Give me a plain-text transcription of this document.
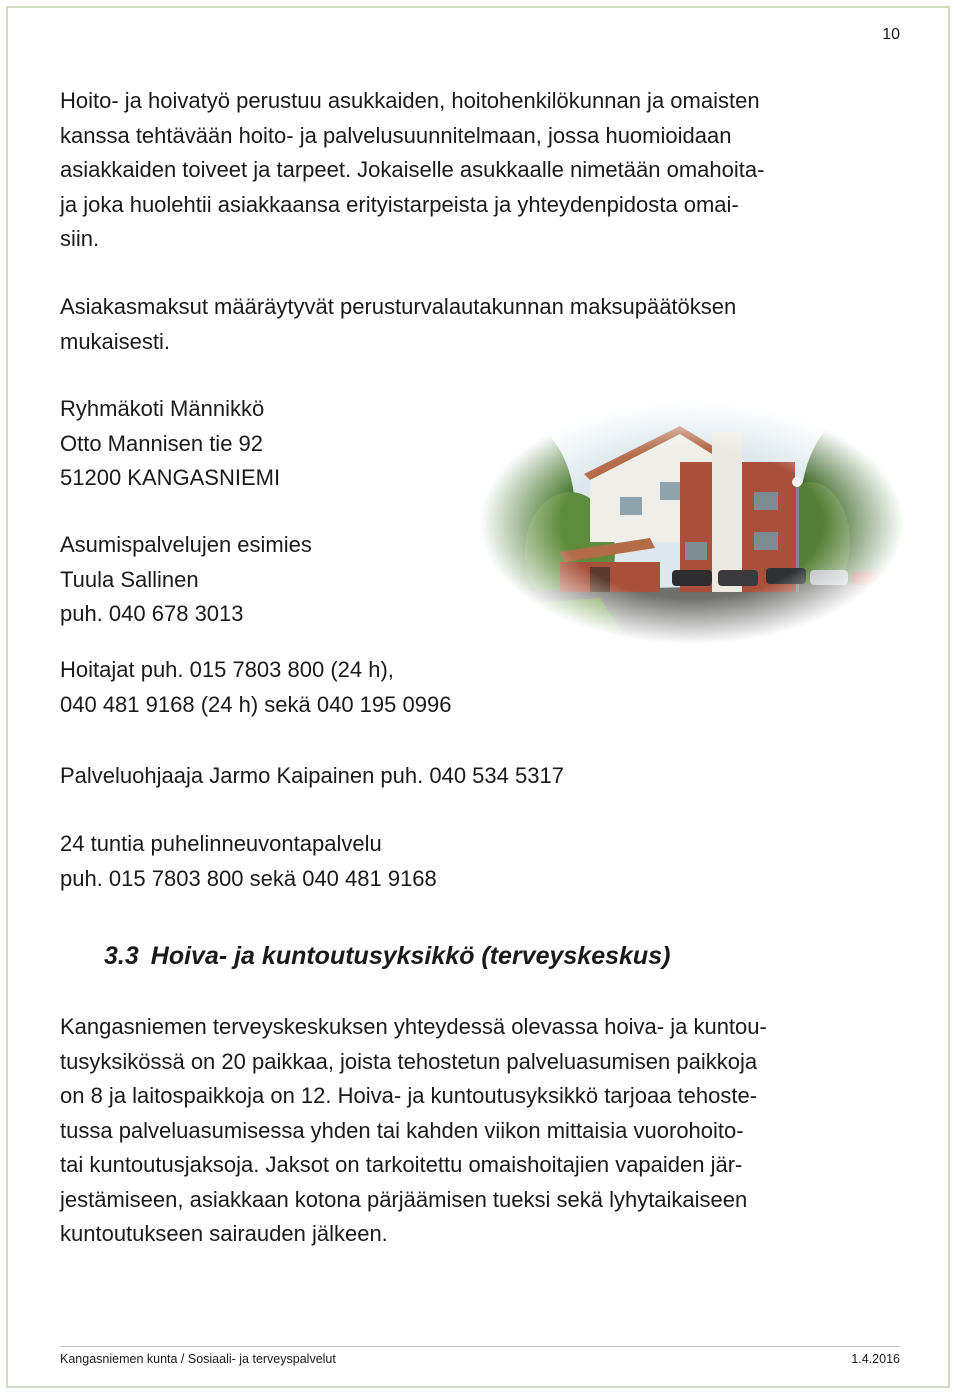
10

Hoito- ja hoivatyö perustuu asukkaiden, hoitohenkilökunnan ja omaisten
kanssa tehtävään hoito- ja palvelusuunnitelmaan, jossa huomioidaan
asiakkaiden toiveet ja tarpeet. Jokaiselle asukkaalle nimetään omahoita-
ja joka huolehtii asiakkaansa erityistarpeista ja yhteydenpidosta omai-
siin.

Asiakasmaksut määräytyvät perusturvalautakunnan maksupäätöksen
mukaisesti.

Ryhmäkoti Männikkö
Otto Mannisen tie 92
51200 KANGASNIEMI

Asumispalvelujen esimies
Tuula Sallinen
puh. 040 678 3013

Hoitajat puh. 015 7803 800 (24 h),
040 481 9168 (24 h) sekä 040 195 0996

Palveluohjaaja Jarmo Kaipainen puh. 040 534 5317

24 tuntia puhelinneuvontapalvelu
puh. 015 7803 800 sekä 040 481 9168

3.3 Hoiva- ja kuntoutusyksikkö (terveyskeskus)

Kangasniemen terveyskeskuksen yhteydessä olevassa hoiva- ja kuntou-
tusyksikössä on 20 paikkaa, joista tehostetun palveluasumisen paikkoja
on 8 ja laitospaikkoja on 12. Hoiva- ja kuntoutusyksikkö tarjoaa tehoste-
tussa palveluasumisessa yhden tai kahden viikon mittaisia vuorohoito-
tai kuntoutusjaksoja. Jaksot on tarkoitettu omaishoitajien vapaiden jär-
jestämiseen, asiakkaan kotona pärjäämisen tueksi sekä lyhytaikaiseen
kuntoutukseen sairauden jälkeen.

Kangasniemen kunta / Sosiaali- ja terveyspalvelut	1.4.2016
